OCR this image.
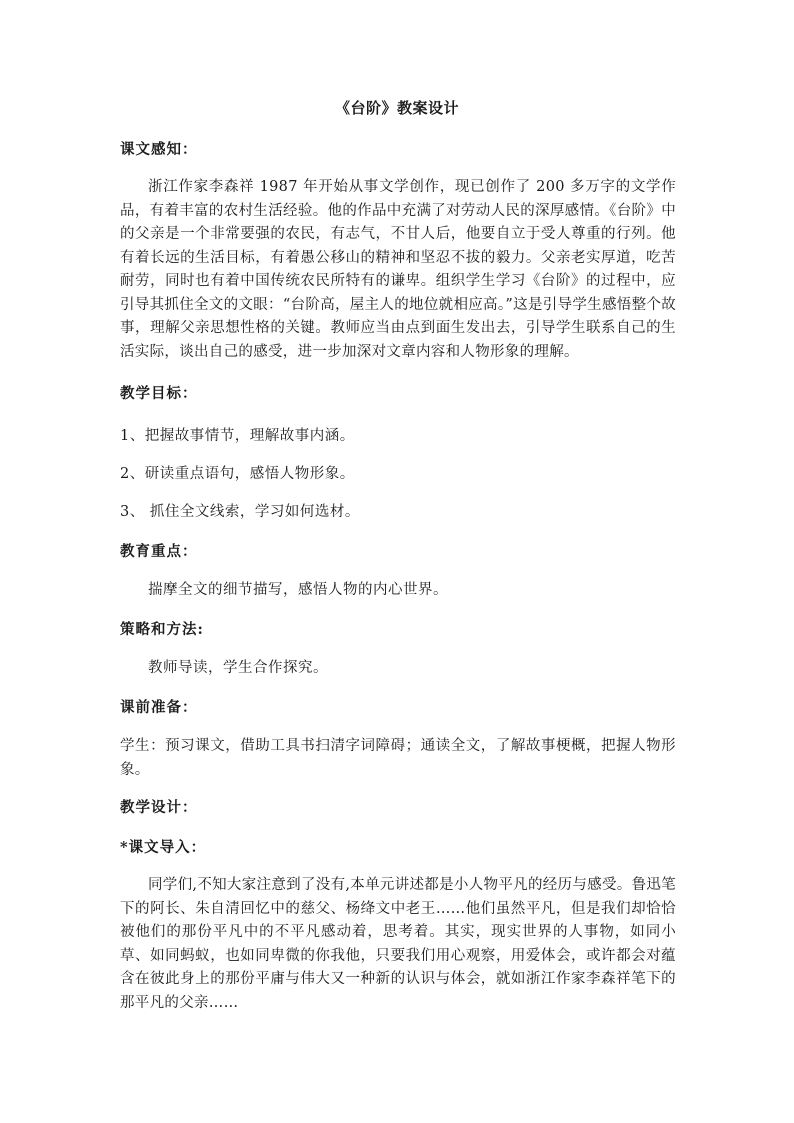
《台阶》教案设计
课文感知：
浙江作家李森祥 1987 年开始从事文学创作，现已创作了 200 多万字的文学作品，有着丰富的农村生活经验。他的作品中充满了对劳动人民的深厚感情。《台阶》中的父亲是一个非常要强的农民，有志气，不甘人后，他要自立于受人尊重的行列。他有着长远的生活目标，有着愚公移山的精神和坚忍不拔的毅力。父亲老实厚道，吃苦耐劳，同时也有着中国传统农民所特有的谦卑。组织学生学习《台阶》的过程中，应引导其抓住全文的文眼：“台阶高，屋主人的地位就相应高。”这是引导学生感悟整个故事，理解父亲思想性格的关键。教师应当由点到面生发出去，引导学生联系自己的生活实际，谈出自己的感受，进一步加深对文章内容和人物形象的理解。
教学目标：
1、把握故事情节，理解故事内涵。
2、研读重点语句，感悟人物形象。
3、 抓住全文线索，学习如何选材。
教育重点：
揣摩全文的细节描写，感悟人物的内心世界。
策略和方法:
教师导读，学生合作探究。
课前准备：
学生：预习课文，借助工具书扫清字词障碍；通读全文，了解故事梗概，把握人物形象。
教学设计：
*课文导入：
同学们,不知大家注意到了没有,本单元讲述都是小人物平凡的经历与感受。鲁迅笔下的阿长、朱自清回忆中的慈父、杨绛文中老王……他们虽然平凡，但是我们却恰恰被他们的那份平凡中的不平凡感动着，思考着。其实，现实世界的人事物，如同小草、如同蚂蚁，也如同卑微的你我他，只要我们用心观察，用爱体会，或许都会对蕴含在彼此身上的那份平庸与伟大又一种新的认识与体会，就如浙江作家李森祥笔下的那平凡的父亲……
